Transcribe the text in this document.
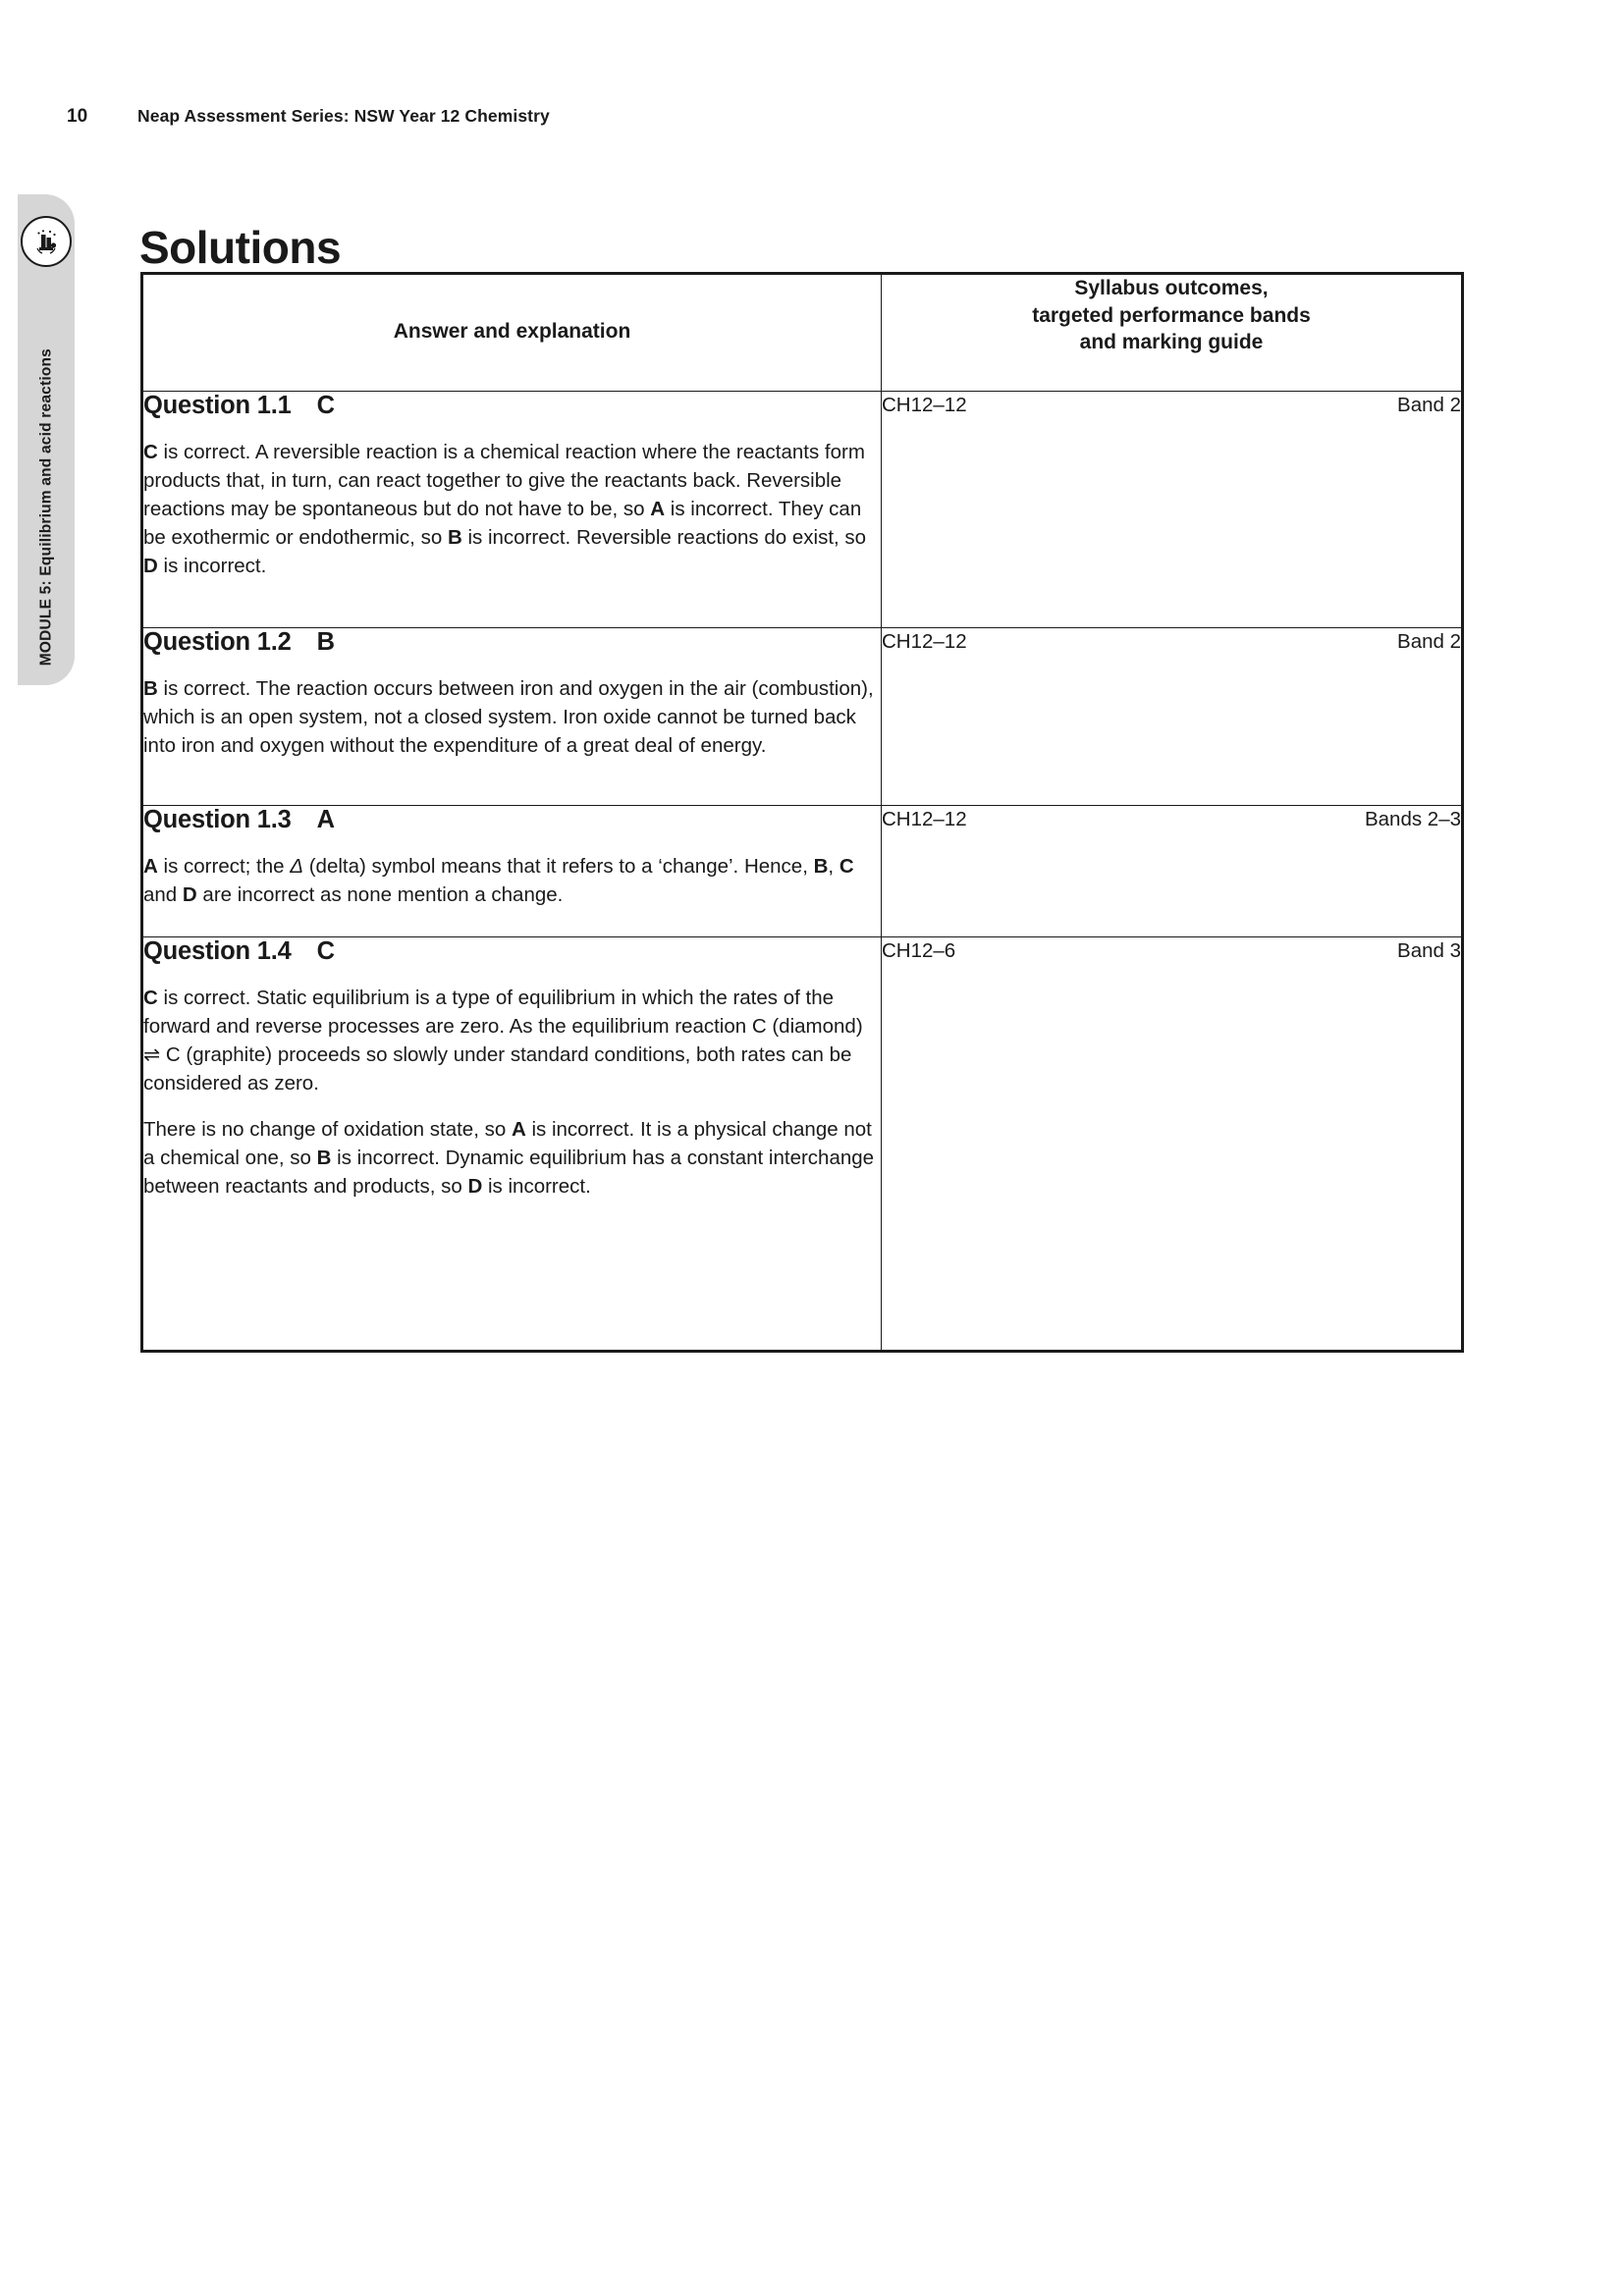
MODULE 5: Equilibrium and acid reactions
10	Neap Assessment Series: NSW Year 12 Chemistry
Solutions
Answer and explanation	Syllabus outcomes,
targeted performance bands
and marking guide

Question 1.1 C

C is correct. A reversible reaction is a chemical reaction where the reactants form products that, in turn, can react together to give the reactants back. Reversible reactions may be spontaneous but do not have to be, so A is incorrect. They can be exothermic or endothermic, so B is incorrect. Reversible reactions do exist, so D is incorrect.

CH12–12	Band 2

Question 1.2 B

B is correct. The reaction occurs between iron and oxygen in the air (combustion), which is an open system, not a closed system. Iron oxide cannot be turned back into iron and oxygen without the expenditure of a great deal of energy.

CH12–12	Band 2

Question 1.3 A

A is correct; the Δ (delta) symbol means that it refers to a ‘change’. Hence, B, C and D are incorrect as none mention a change.

CH12–12	Bands 2–3

Question 1.4 C

C is correct. Static equilibrium is a type of equilibrium in which the rates of the forward and reverse processes are zero. As the equilibrium reaction C (diamond) ⇌ C (graphite) proceeds so slowly under standard conditions, both rates can be considered as zero.

There is no change of oxidation state, so A is incorrect. It is a physical change not a chemical one, so B is incorrect. Dynamic equilibrium has a constant interchange between reactants and products, so D is incorrect.

CH12–6	Band 3
